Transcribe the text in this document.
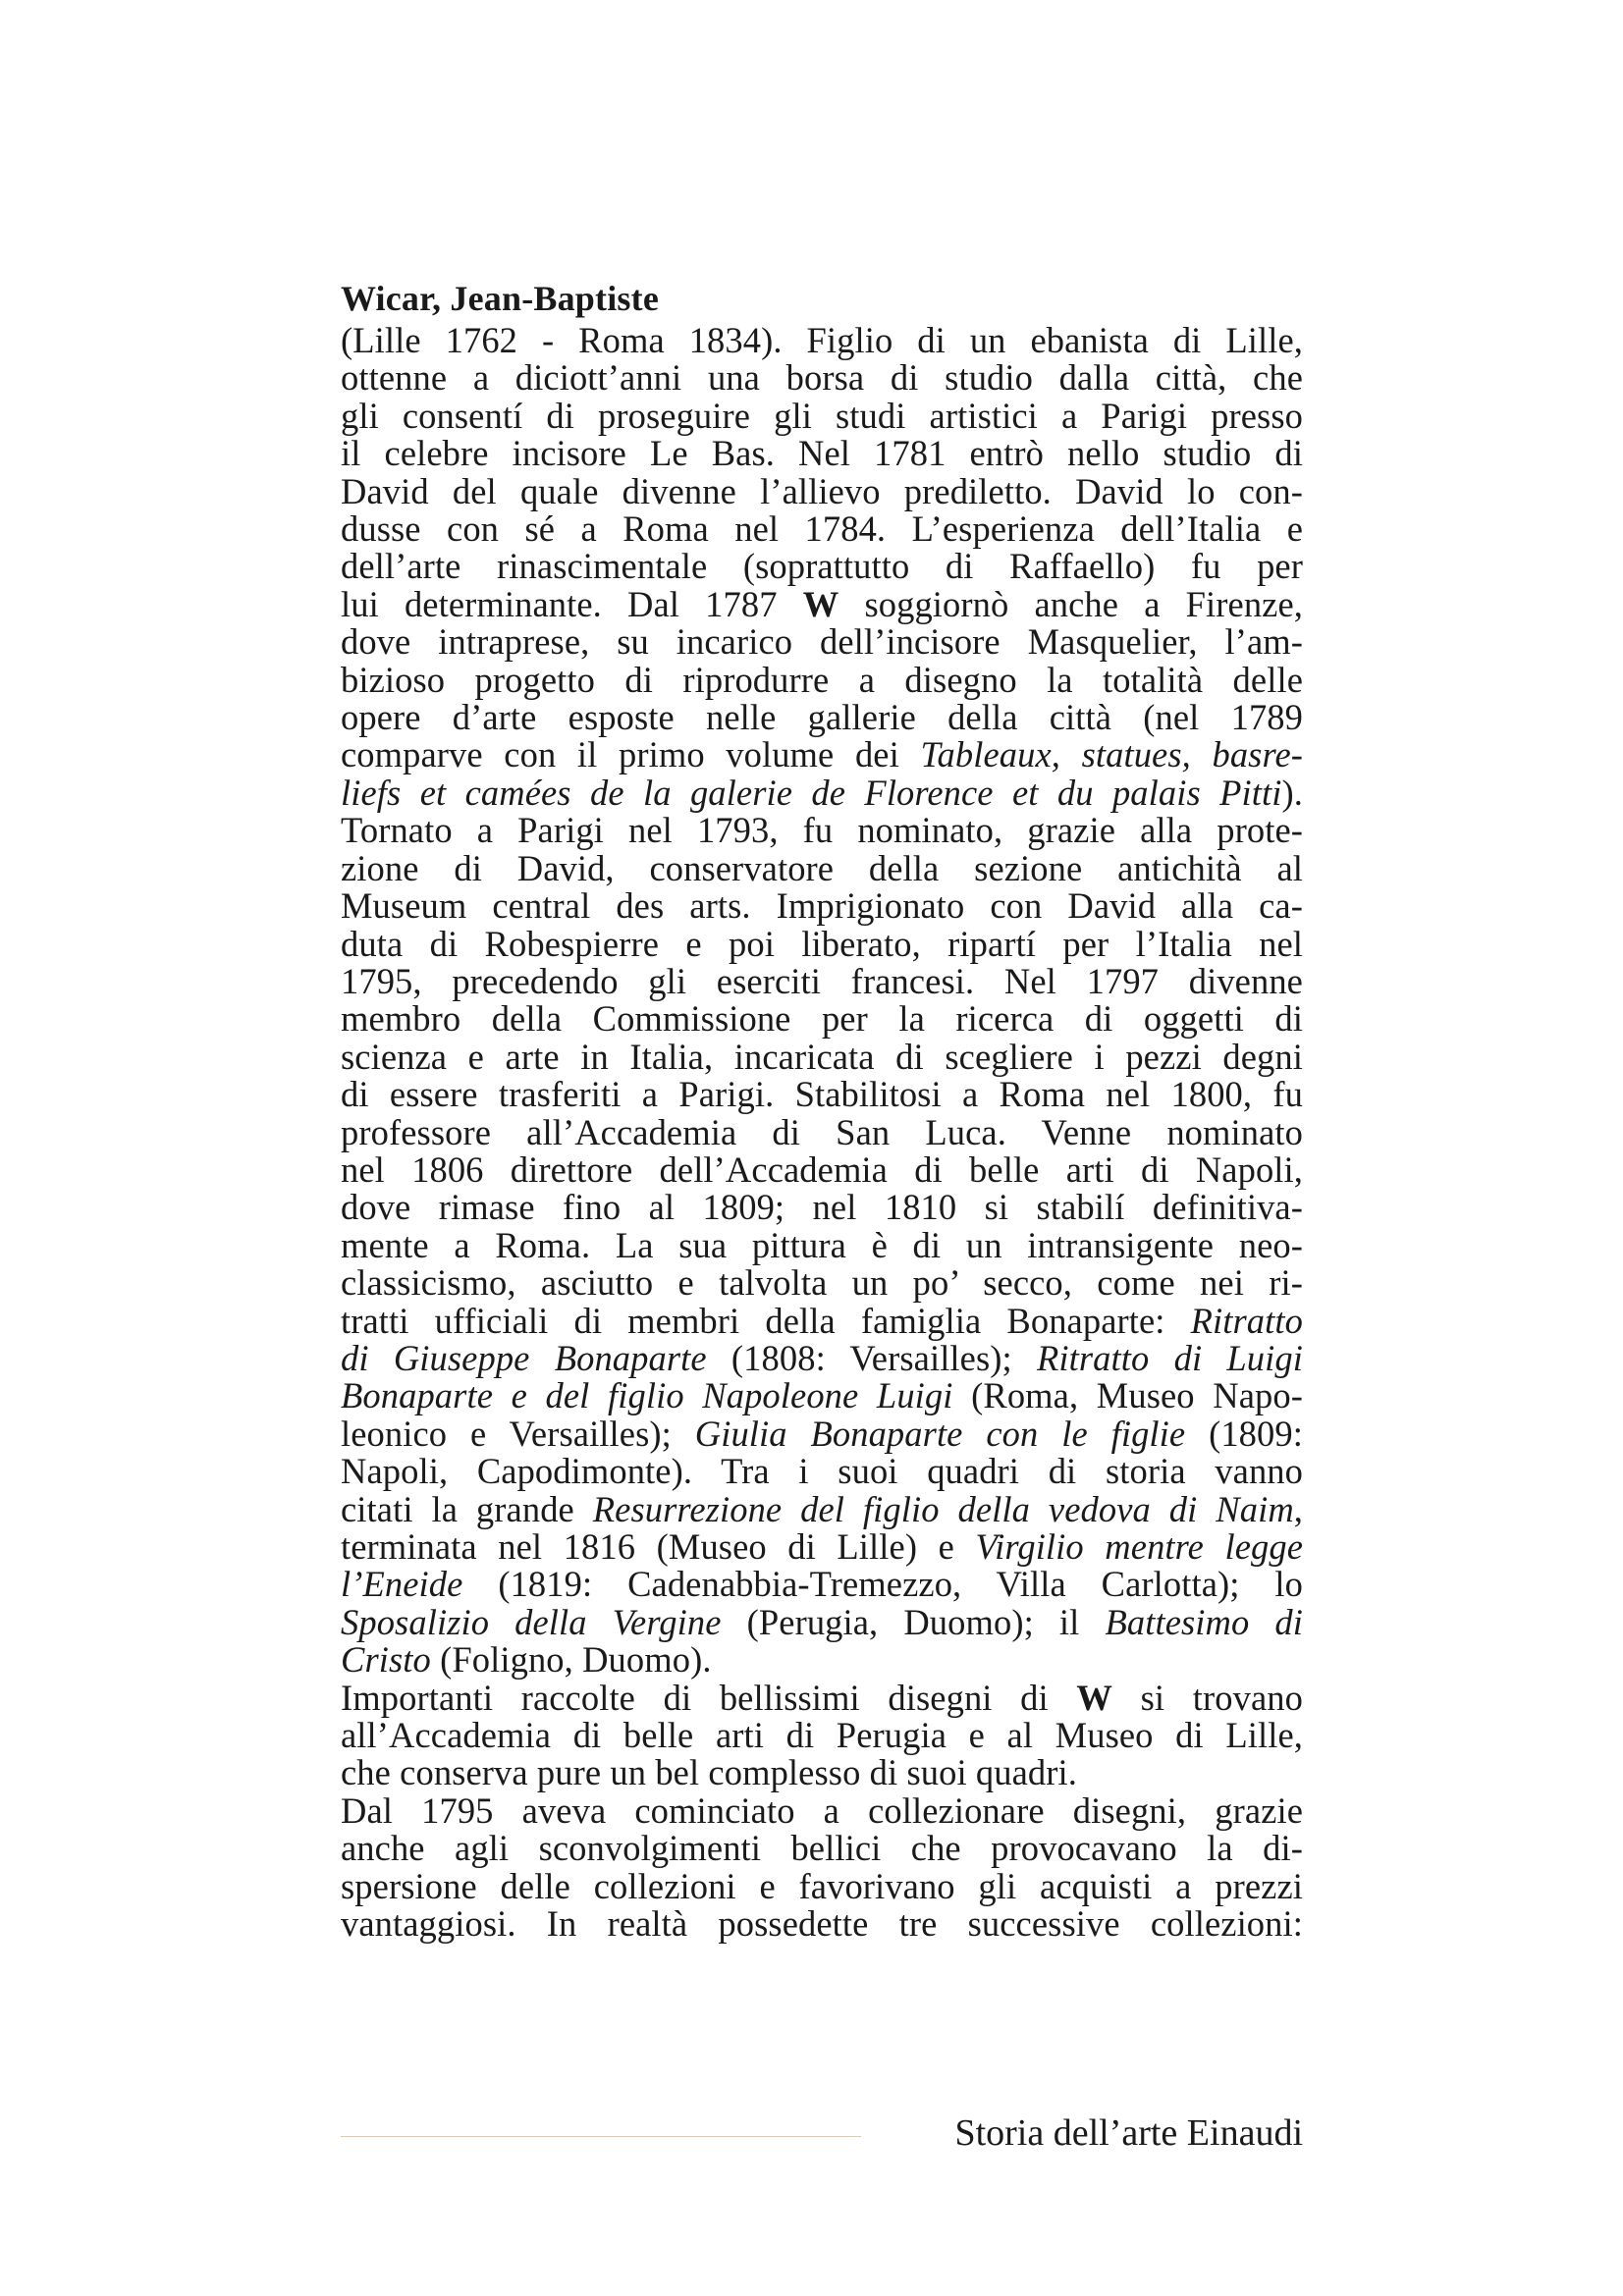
Wicar, Jean-Baptiste
(Lille 1762 - Roma 1834). Figlio di un ebanista di Lille,
ottenne a diciott’anni una borsa di studio dalla città, che
gli consentí di proseguire gli studi artistici a Parigi presso
il celebre incisore Le Bas. Nel 1781 entrò nello studio di
David del quale divenne l’allievo prediletto. David lo con-
dusse con sé a Roma nel 1784. L’esperienza dell’Italia e
dell’arte rinascimentale (soprattutto di Raffaello) fu per
lui determinante. Dal 1787 W soggiornò anche a Firenze,
dove intraprese, su incarico dell’incisore Masquelier, l’am-
bizioso progetto di riprodurre a disegno la totalità delle
opere d’arte esposte nelle gallerie della città (nel 1789
comparve con il primo volume dei Tableaux, statues, basre-
liefs et camées de la galerie de Florence et du palais Pitti).
Tornato a Parigi nel 1793, fu nominato, grazie alla prote-
zione di David, conservatore della sezione antichità al
Museum central des arts. Imprigionato con David alla ca-
duta di Robespierre e poi liberato, ripartí per l’Italia nel
1795, precedendo gli eserciti francesi. Nel 1797 divenne
membro della Commissione per la ricerca di oggetti di
scienza e arte in Italia, incaricata di scegliere i pezzi degni
di essere trasferiti a Parigi. Stabilitosi a Roma nel 1800, fu
professore all’Accademia di San Luca. Venne nominato
nel 1806 direttore dell’Accademia di belle arti di Napoli,
dove rimase fino al 1809; nel 1810 si stabilí definitiva-
mente a Roma. La sua pittura è di un intransigente neo-
classicismo, asciutto e talvolta un po’ secco, come nei ri-
tratti ufficiali di membri della famiglia Bonaparte: Ritratto
di Giuseppe Bonaparte (1808: Versailles); Ritratto di Luigi
Bonaparte e del figlio Napoleone Luigi (Roma, Museo Napo-
leonico e Versailles); Giulia Bonaparte con le figlie (1809:
Napoli, Capodimonte). Tra i suoi quadri di storia vanno
citati la grande Resurrezione del figlio della vedova di Naim,
terminata nel 1816 (Museo di Lille) e Virgilio mentre legge
l’Eneide (1819: Cadenabbia-Tremezzo, Villa Carlotta); lo
Sposalizio della Vergine (Perugia, Duomo); il Battesimo di
Cristo (Foligno, Duomo).
Importanti raccolte di bellissimi disegni di W si trovano
all’Accademia di belle arti di Perugia e al Museo di Lille,
che conserva pure un bel complesso di suoi quadri.
Dal 1795 aveva cominciato a collezionare disegni, grazie
anche agli sconvolgimenti bellici che provocavano la di-
spersione delle collezioni e favorivano gli acquisti a prezzi
vantaggiosi. In realtà possedette tre successive collezioni:
Storia dell’arte Einaudi
